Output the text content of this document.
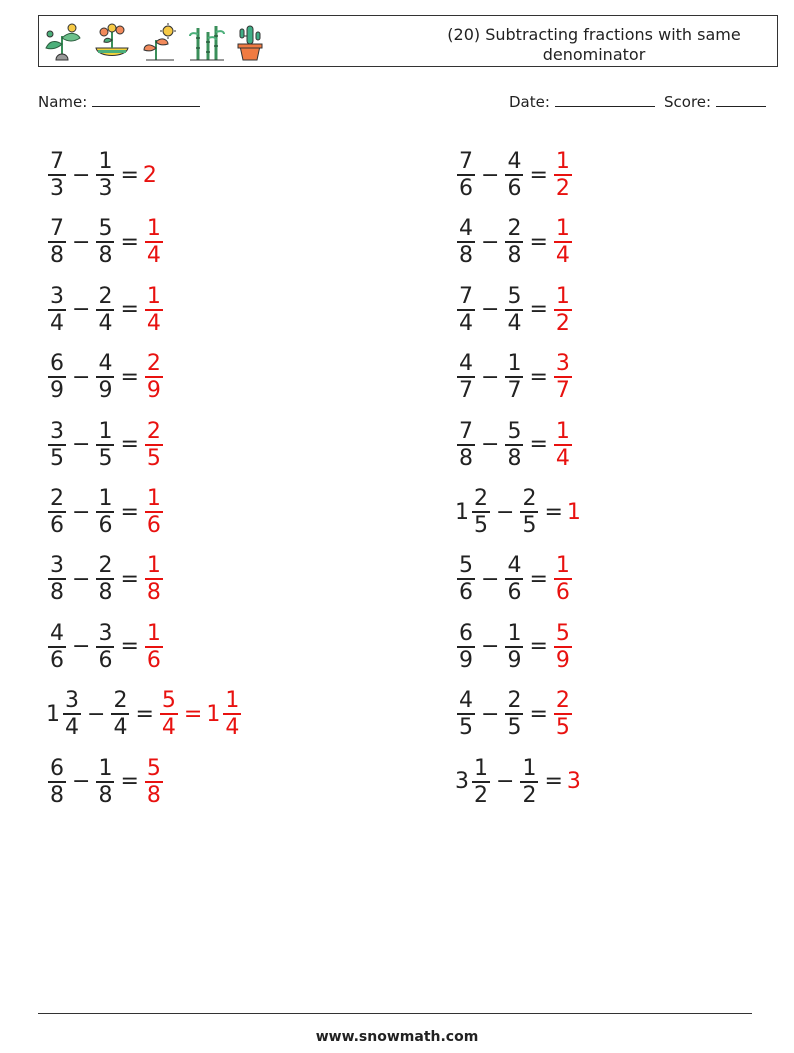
(20) Subtracting fractions with same denominator
Name:	Date:	Score:
$\frac{7}{3} - \frac{1}{3} = 2$	$\frac{7}{6} - \frac{4}{6} = \frac{1}{2}$
$\frac{7}{8} - \frac{5}{8} = \frac{1}{4}$	$\frac{4}{8} - \frac{2}{8} = \frac{1}{4}$
$\frac{3}{4} - \frac{2}{4} = \frac{1}{4}$	$\frac{7}{4} - \frac{5}{4} = \frac{1}{2}$
$\frac{6}{9} - \frac{4}{9} = \frac{2}{9}$	$\frac{4}{7} - \frac{1}{7} = \frac{3}{7}$
$\frac{3}{5} - \frac{1}{5} = \frac{2}{5}$	$\frac{7}{8} - \frac{5}{8} = \frac{1}{4}$
$\frac{2}{6} - \frac{1}{6} = \frac{1}{6}$	$1 \frac{2}{5} - \frac{2}{5} = 1$
$\frac{3}{8} - \frac{2}{8} = \frac{1}{8}$	$\frac{5}{6} - \frac{4}{6} = \frac{1}{6}$
$\frac{4}{6} - \frac{3}{6} = \frac{1}{6}$	$\frac{6}{9} - \frac{1}{9} = \frac{5}{9}$
$1 \frac{3}{4} - \frac{2}{4} = \frac{5}{4} = 1 \frac{1}{4}$	$\frac{4}{5} - \frac{2}{5} = \frac{2}{5}$
$\frac{6}{8} - \frac{1}{8} = \frac{5}{8}$	$3 \frac{1}{2} - \frac{1}{2} = 3$
www.snowmath.com
